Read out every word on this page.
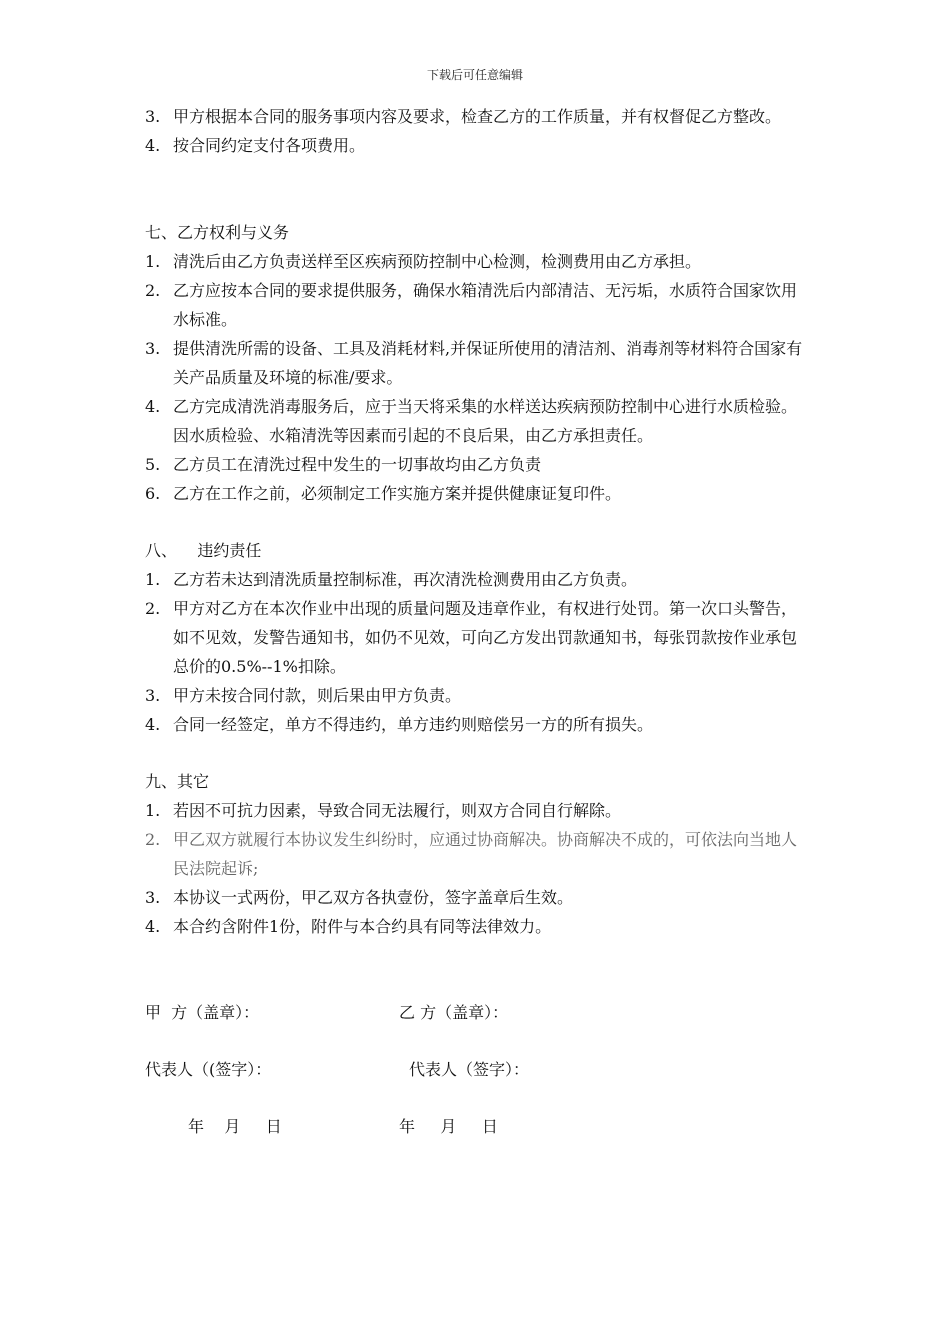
下载后可任意编辑
3. 甲方根据本合同的服务事项内容及要求，检查乙方的工作质量，并有权督促乙方整改。
4. 按合同约定支付各项费用。
七、乙方权利与义务
1. 清洗后由乙方负责送样至区疾病预防控制中心检测，检测费用由乙方承担。
2. 乙方应按本合同的要求提供服务，确保水箱清洗后内部清洁、无污垢，水质符合国家饮用水标准。
3. 提供清洗所需的设备、工具及消耗材料,并保证所使用的清洁剂、消毒剂等材料符合国家有关产品质量及环境的标准/要求。
4. 乙方完成清洗消毒服务后，应于当天将采集的水样送达疾病预防控制中心进行水质检验。因水质检验、水箱清洗等因素而引起的不良后果，由乙方承担责任。
5. 乙方员工在清洗过程中发生的一切事故均由乙方负责
6. 乙方在工作之前，必须制定工作实施方案并提供健康证复印件。
八、    违约责任
1. 乙方若未达到清洗质量控制标准，再次清洗检测费用由乙方负责。
2. 甲方对乙方在本次作业中出现的质量问题及违章作业，有权进行处罚。第一次口头警告，如不见效，发警告通知书，如仍不见效，可向乙方发出罚款通知书，每张罚款按作业承包总价的0.5%--1%扣除。
3. 甲方未按合同付款，则后果由甲方负责。
4. 合同一经签定，单方不得违约，单方违约则赔偿另一方的所有损失。
九、其它
1. 若因不可抗力因素，导致合同无法履行，则双方合同自行解除。
2. 甲乙双方就履行本协议发生纠纷时，应通过协商解决。协商解决不成的，可依法向当地人民法院起诉;
3. 本协议一式两份，甲乙双方各执壹份，签字盖章后生效。
4. 本合约含附件1份，附件与本合约具有同等法律效力。
甲  方（盖章）：	乙 方（盖章）：
代表人（(签字）：	代表人（签字）：
年    月     日	年     月     日
